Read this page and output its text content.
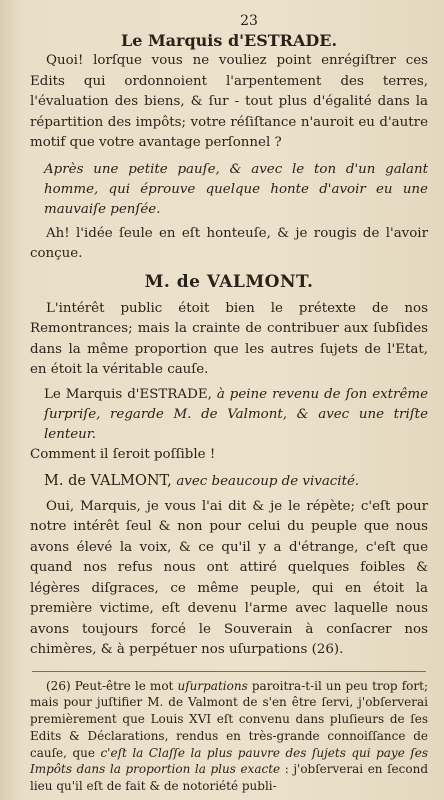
23
Le Marquis d'ESTRADE.

Quoi! lorſque vous ne vouliez point enrégiſtrer ces Edits qui ordonnoient l'arpentement des terres, l'évaluation des biens, & ſur - tout plus d'égalité dans la répartition des impôts; votre réſiſtance n'auroit eu d'autre motif que votre avantage perſonnel ?

Après une petite pauſe, & avec le ton d'un galant homme, qui éprouve quelque honte d'avoir eu une mauvaiſe penſée.

Ah! l'idée ſeule en eſt honteuſe, & je rougis de l'avoir conçue.

M. de VALMONT.

L'intérêt public étoit bien le prétexte de nos Remontrances; mais la crainte de contribuer aux ſubſides dans la même proportion que les autres ſujets de l'Etat, en étoit la véritable cauſe.

Le Marquis d'ESTRADE, à peine revenu de ſon extrême ſurpriſe, regarde M. de Valmont, & avec une triſte lenteur.

Comment il ſeroit poſſible !

M. de VALMONT, avec beaucoup de vivacité.

Oui, Marquis, je vous l'ai dit & je le répète; c'eſt pour notre intérêt ſeul & non pour celui du peuple que nous avons élevé la voix, & ce qu'il y a d'étrange, c'eſt que quand nos refus nous ont attiré quelques foibles & légères diſgraces, ce même peuple, qui en étoit la première victime, eſt devenu l'arme avec laquelle nous avons toujours forcé le Souverain à conſacrer nos chimères, & à perpétuer nos uſurpations (26).

(26) Peut-être le mot uſurpations paroitra-t-il un peu trop fort; mais pour juſtifier M. de Valmont de s'en être ſervi, j'obſerverai premièrement que Louis XVI eſt convenu dans pluſieurs de ſes Edits & Déclarations, rendus en très-grande connoiſſance de cauſe, que c'eſt la Claſſe la plus pauvre des ſujets qui paye ſes Impôts dans la proportion la plus exacte : j'obſerverai en ſecond lieu qu'il eſt de fait & de notoriété publi-
